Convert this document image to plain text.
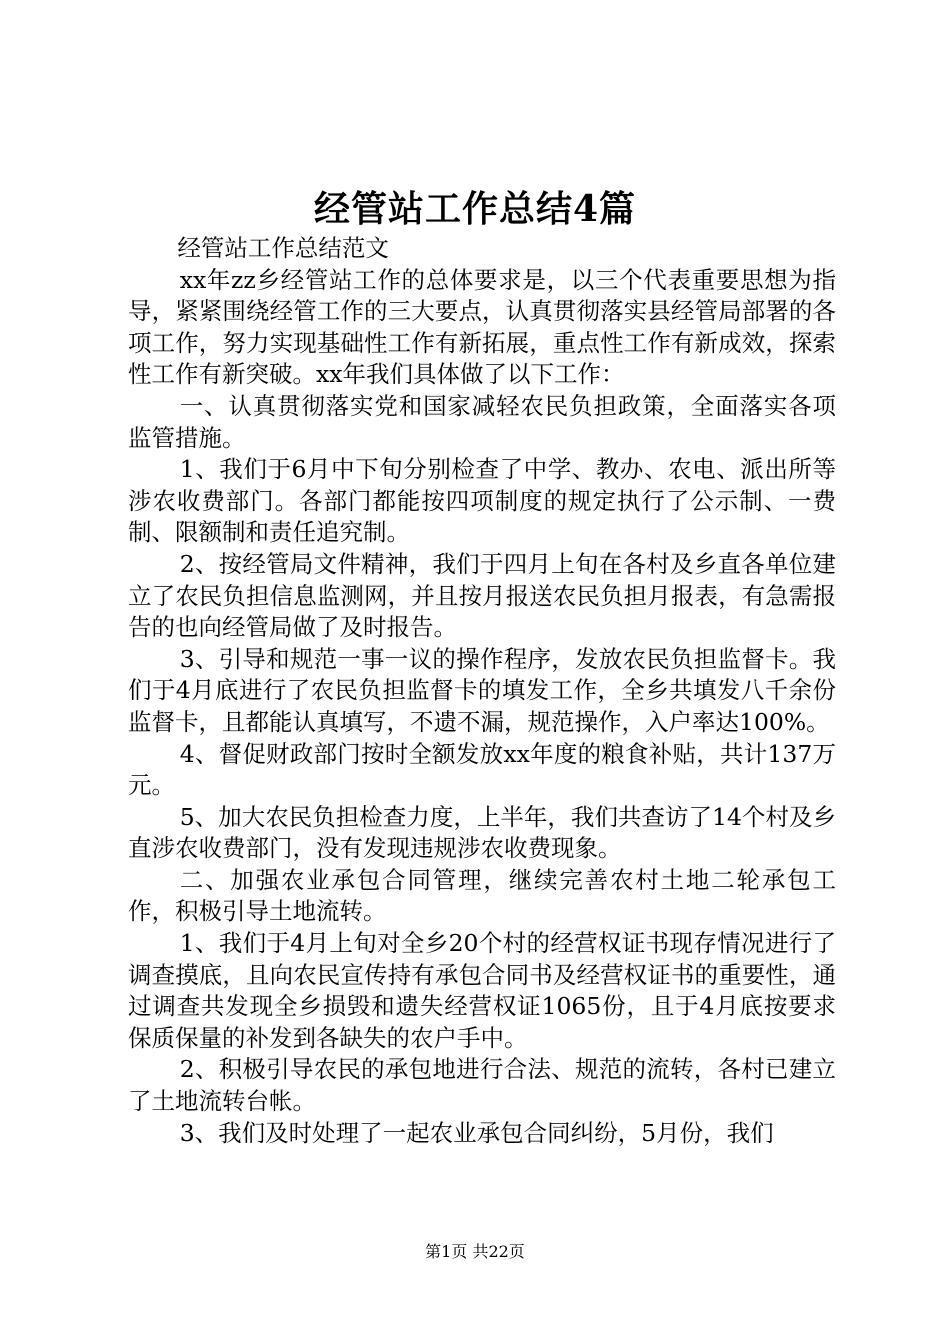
经管站工作总结4篇

经管站工作总结范文

xx年zz乡经管站工作的总体要求是，以三个代表重要思想为指导，紧紧围绕经管工作的三大要点，认真贯彻落实县经管局部署的各项工作，努力实现基础性工作有新拓展，重点性工作有新成效，探索性工作有新突破。xx年我们具体做了以下工作：

一、认真贯彻落实党和国家减轻农民负担政策，全面落实各项监管措施。

1、我们于6月中下旬分别检查了中学、教办、农电、派出所等涉农收费部门。各部门都能按四项制度的规定执行了公示制、一费制、限额制和责任追究制。

2、按经管局文件精神，我们于四月上旬在各村及乡直各单位建立了农民负担信息监测网，并且按月报送农民负担月报表，有急需报告的也向经管局做了及时报告。

3、引导和规范一事一议的操作程序，发放农民负担监督卡。我们于4月底进行了农民负担监督卡的填发工作，全乡共填发八千余份监督卡，且都能认真填写，不遗不漏，规范操作，入户率达100%。

4、督促财政部门按时全额发放xx年度的粮食补贴，共计137万元。

5、加大农民负担检查力度，上半年，我们共查访了14个村及乡直涉农收费部门，没有发现违规涉农收费现象。

二、加强农业承包合同管理，继续完善农村土地二轮承包工作，积极引导土地流转。

1、我们于4月上旬对全乡20个村的经营权证书现存情况进行了调查摸底，且向农民宣传持有承包合同书及经营权证书的重要性，通过调查共发现全乡损毁和遗失经营权证1065份，且于4月底按要求保质保量的补发到各缺失的农户手中。

2、积极引导农民的承包地进行合法、规范的流转，各村已建立了土地流转台帐。

3、我们及时处理了一起农业承包合同纠纷，5月份，我们

第1页 共22页
